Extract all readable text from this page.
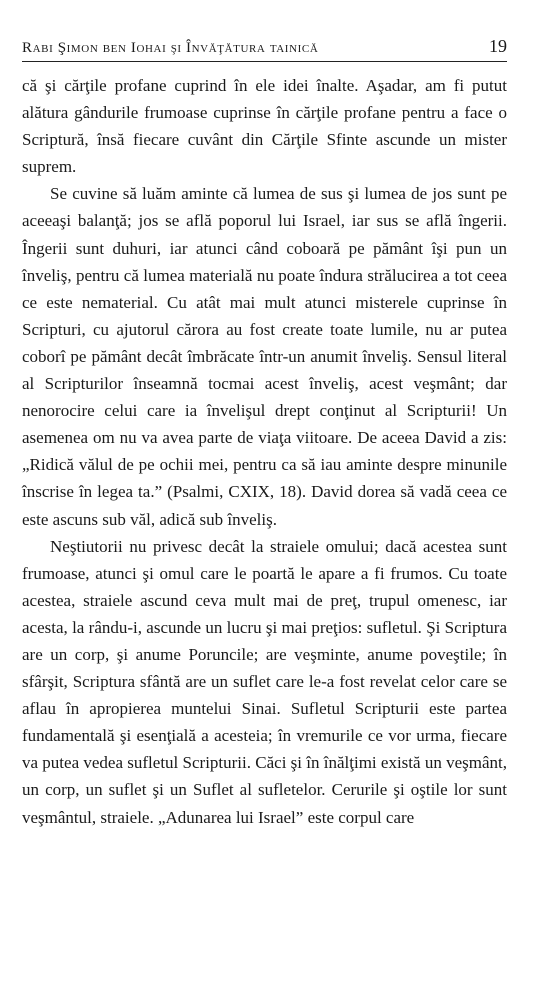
Rabi Şimon ben Iohai şi Învăţătura tainică	19

că şi cărţile profane cuprind în ele idei înalte. Aşadar, am fi putut alătura gândurile frumoase cuprinse în cărţile profane pentru a face o Scriptură, însă fiecare cuvânt din Cărţile Sfinte ascunde un mister suprem.

Se cuvine să luăm aminte că lumea de sus şi lumea de jos sunt pe aceeaşi balanţă; jos se află poporul lui Israel, iar sus se află îngerii. Îngerii sunt duhuri, iar atunci când coboară pe pământ îşi pun un înveliş, pentru că lumea materială nu poate îndura strălucirea a tot ceea ce este nematerial. Cu atât mai mult atunci misterele cuprinse în Scripturi, cu ajutorul cărora au fost create toate lumile, nu ar putea coborî pe pământ decât îmbrăcate într-un anumit înveliş. Sensul literal al Scripturilor înseamnă tocmai acest înveliş, acest veşmânt; dar nenorocire celui care ia învelişul drept conţinut al Scripturii! Un asemenea om nu va avea parte de viaţa viitoare. De aceea David a zis: „Ridică vălul de pe ochii mei, pentru ca să iau aminte despre minunile înscrise în legea ta.” (Psalmi, CXIX, 18). David dorea să vadă ceea ce este ascuns sub văl, adică sub înveliş.

Neştiutorii nu privesc decât la straiele omului; dacă acestea sunt frumoase, atunci şi omul care le poartă le apare a fi frumos. Cu toate acestea, straiele ascund ceva mult mai de preţ, trupul omenesc, iar acesta, la rându-i, ascunde un lucru şi mai preţios: sufletul. Şi Scriptura are un corp, şi anume Poruncile; are veşminte, anume poveştile; în sfârşit, Scriptura sfântă are un suflet care le-a fost revelat celor care se aflau în apropierea muntelui Sinai. Sufletul Scripturii este partea fundamentală şi esenţială a acesteia; în vremurile ce vor urma, fiecare va putea vedea sufletul Scripturii. Căci şi în înălţimi există un veşmânt, un corp, un suflet şi un Suflet al sufletelor. Cerurile şi oştile lor sunt veşmântul, straiele. „Adunarea lui Israel” este corpul care
